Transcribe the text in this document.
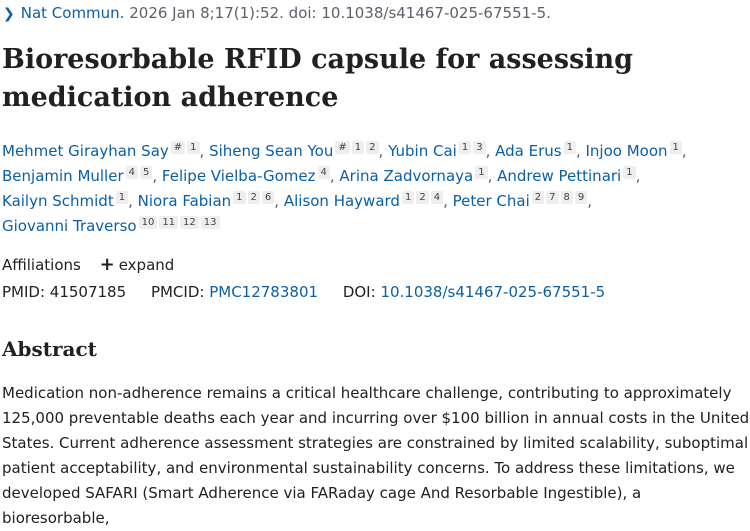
❯ Nat Commun. 2026 Jan 8;17(1):52. doi: 10.1038/s41467-025-67551-5.
Bioresorbable RFID capsule for assessing medication adherence
Mehmet Girayhan Say # 1 , Siheng Sean You # 1 2 , Yubin Cai 1 3 , Ada Erus 1 , Injoo Moon 1 , Benjamin Muller 4 5 , Felipe Vielba-Gomez 4 , Arina Zadvornaya 1 , Andrew Pettinari 1 , Kailyn Schmidt 1 , Niora Fabian 1 2 6 , Alison Hayward 1 2 4 , Peter Chai 2 7 8 9 , Giovanni Traverso 10 11 12 13
Affiliations + expand
PMID: 41507185 PMCID: PMC12783801 DOI: 10.1038/s41467-025-67551-5
Abstract

Medication non-adherence remains a critical healthcare challenge, contributing to approximately 125,000 preventable deaths each year and incurring over $100 billion in annual costs in the United States. Current adherence assessment strategies are constrained by limited scalability, suboptimal patient acceptability, and environmental sustainability concerns. To address these limitations, we developed SAFARI (Smart Adherence via FARaday cage And Resorbable Ingestible), a bioresorbable,
